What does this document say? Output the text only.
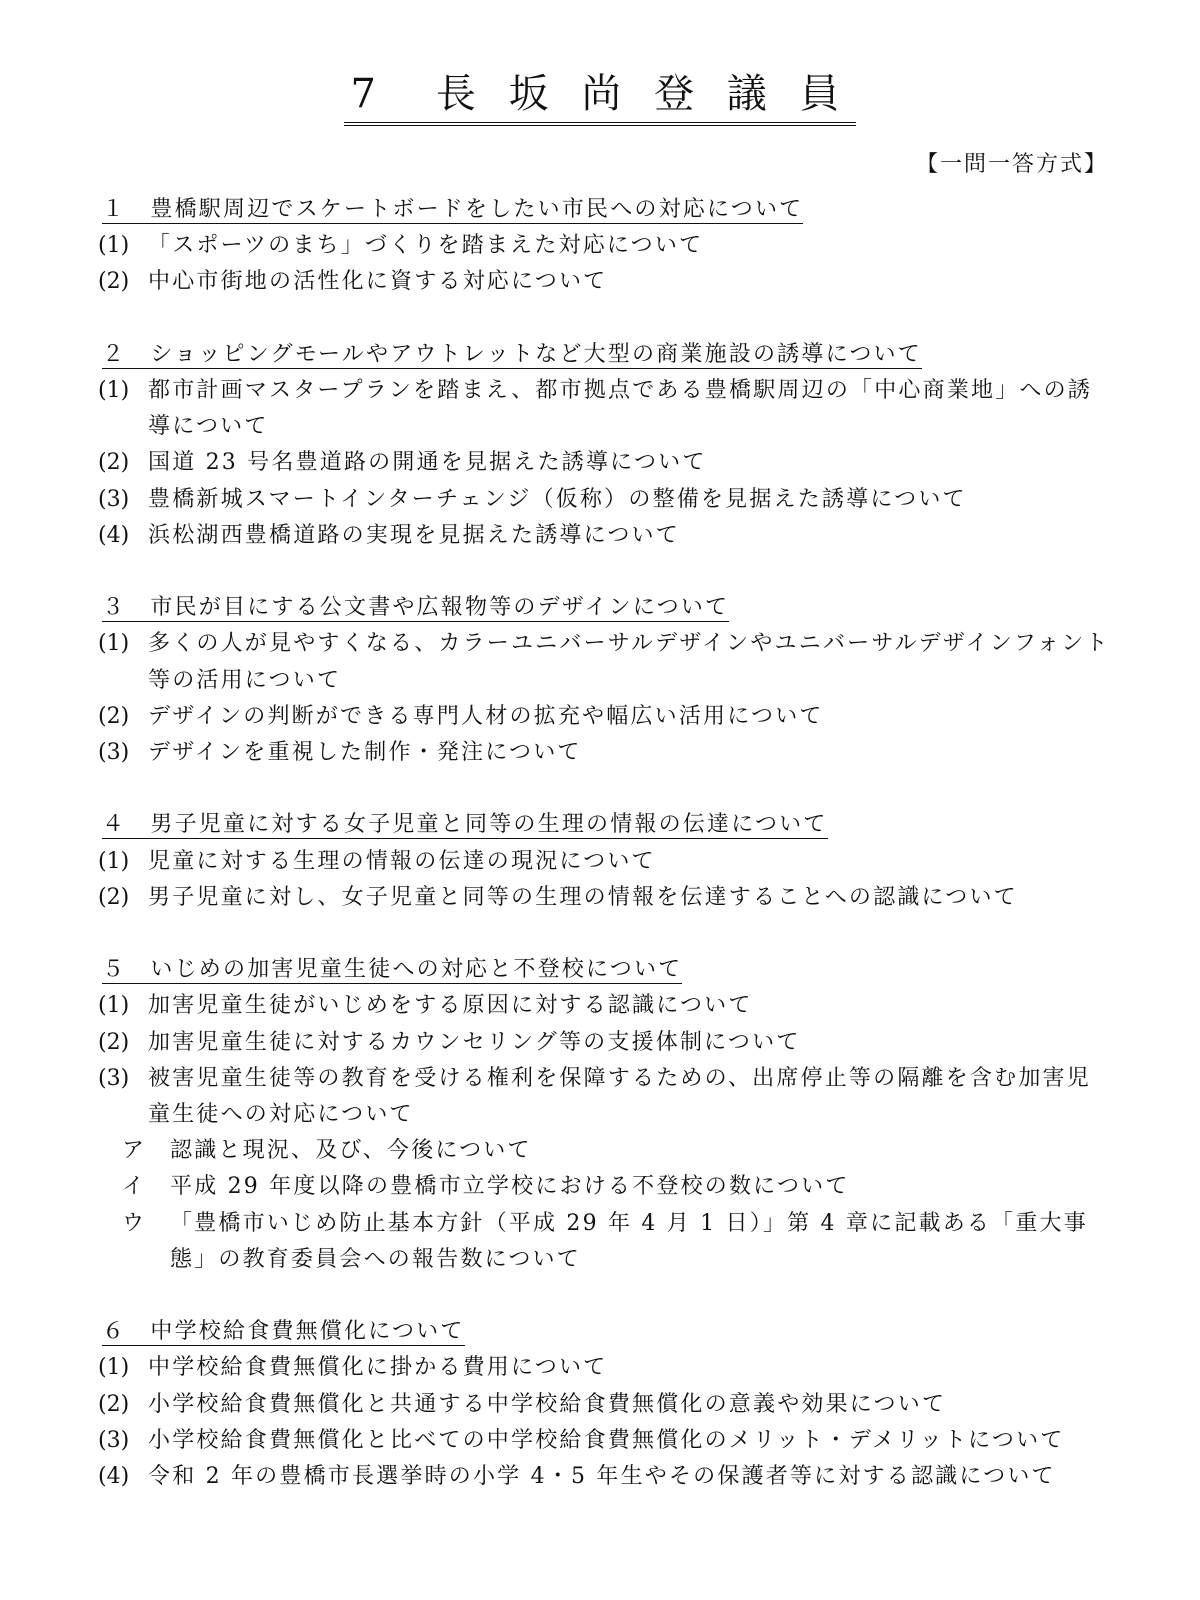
7　長 坂 尚 登 議 員
【一問一答方式】
１　豊橋駅周辺でスケートボードをしたい市民への対応について
(1) 「スポーツのまち」づくりを踏まえた対応について
(2) 中心市街地の活性化に資する対応について
２　ショッピングモールやアウトレットなど大型の商業施設の誘導について
(1) 都市計画マスタープランを踏まえ、都市拠点である豊橋駅周辺の「中心商業地」への誘導について
(2) 国道 23 号名豊道路の開通を見据えた誘導について
(3) 豊橋新城スマートインターチェンジ（仮称）の整備を見据えた誘導について
(4) 浜松湖西豊橋道路の実現を見据えた誘導について
３　市民が目にする公文書や広報物等のデザインについて
(1) 多くの人が見やすくなる、カラーユニバーサルデザインやユニバーサルデザインフォント等の活用について
(2) デザインの判断ができる専門人材の拡充や幅広い活用について
(3) デザインを重視した制作・発注について
４　男子児童に対する女子児童と同等の生理の情報の伝達について
(1) 児童に対する生理の情報の伝達の現況について
(2) 男子児童に対し、女子児童と同等の生理の情報を伝達することへの認識について
５　いじめの加害児童生徒への対応と不登校について
(1) 加害児童生徒がいじめをする原因に対する認識について
(2) 加害児童生徒に対するカウンセリング等の支援体制について
(3) 被害児童生徒等の教育を受ける権利を保障するための、出席停止等の隔離を含む加害児童生徒への対応について
ア	認識と現況、及び、今後について
イ	平成 29 年度以降の豊橋市立学校における不登校の数について
ウ	「豊橋市いじめ防止基本方針（平成 29 年 4 月 1 日）」第 4 章に記載ある「重大事態」の教育委員会への報告数について
６　中学校給食費無償化について
(1) 中学校給食費無償化に掛かる費用について
(2) 小学校給食費無償化と共通する中学校給食費無償化の意義や効果について
(3) 小学校給食費無償化と比べての中学校給食費無償化のメリット・デメリットについて
(4) 令和 2 年の豊橋市長選挙時の小学 4・5 年生やその保護者等に対する認識について
